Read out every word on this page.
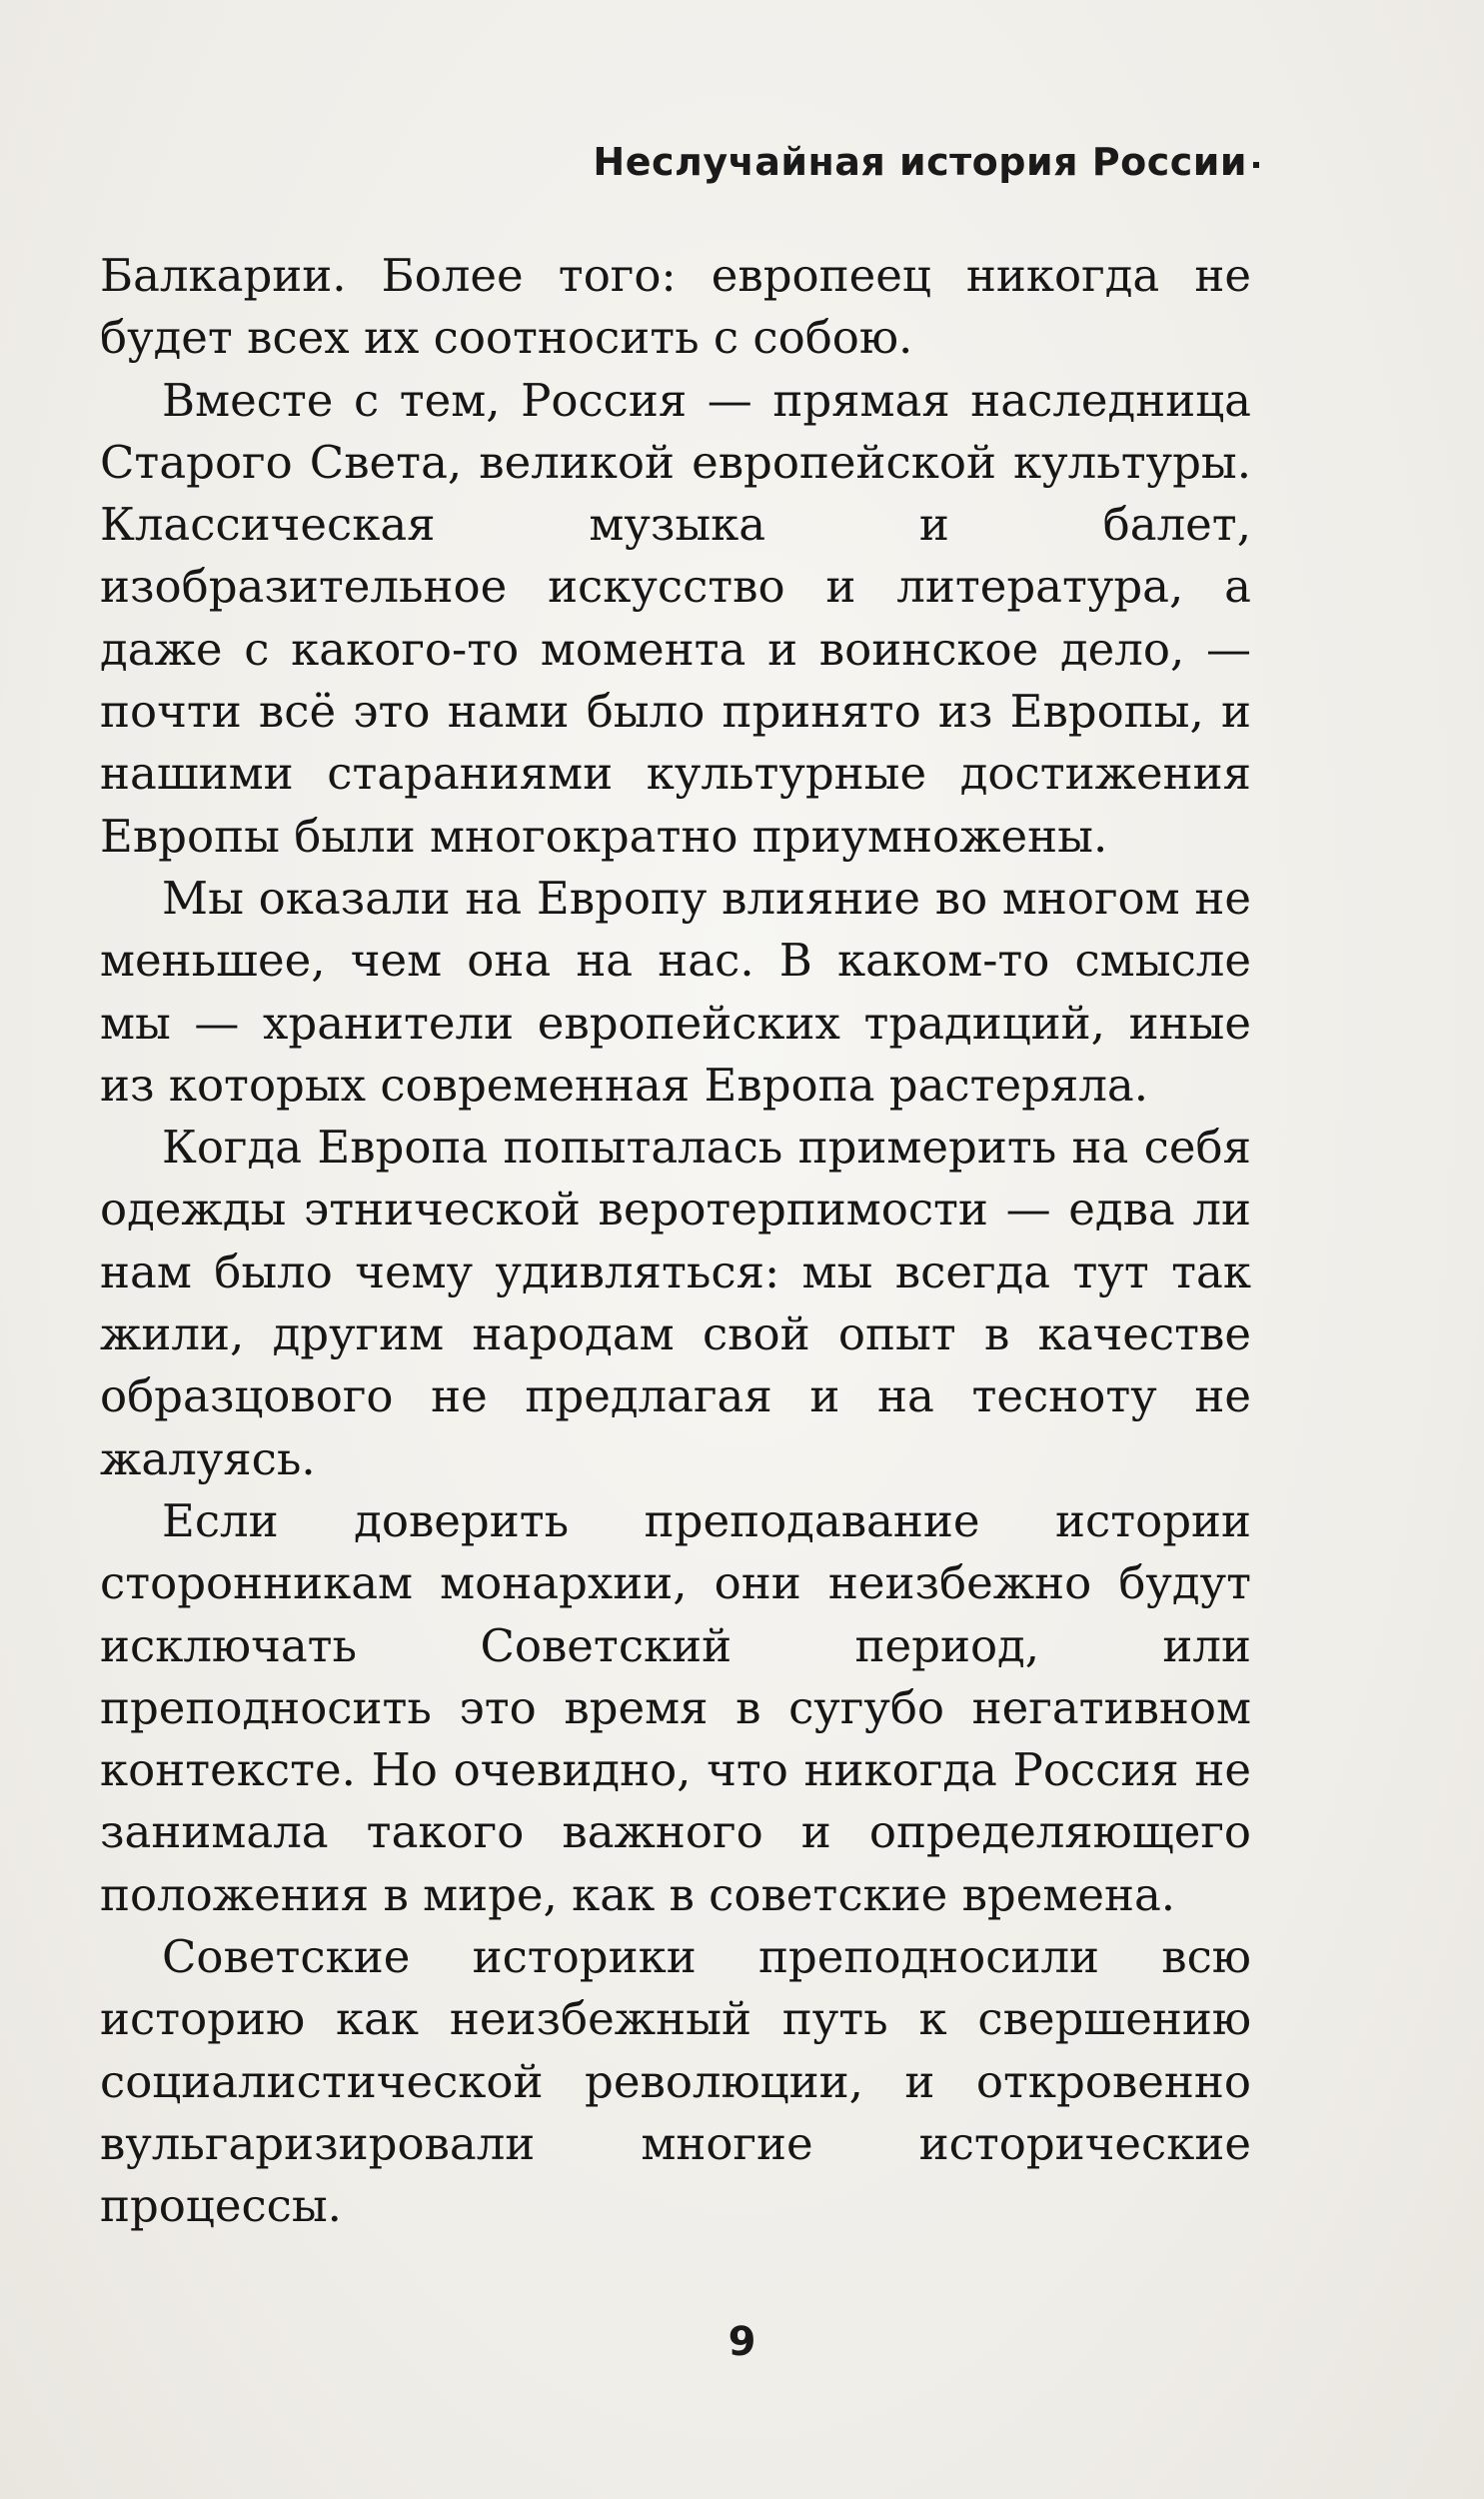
Неслучайная история России

Балкарии. Более того: европеец никогда не будет всех их соотносить с собою.

Вместе с тем, Россия — прямая наследница Старого Света, великой европейской культуры. Классическая музыка и балет, изобразительное искусство и литература, а даже с какого-то момента и воинское дело, — почти всё это нами было принято из Европы, и нашими стараниями культурные достижения Европы были многократно приумножены.

Мы оказали на Европу влияние во многом не меньшее, чем она на нас. В каком-то смысле мы — хранители европейских традиций, иные из которых современная Европа растеряла.

Когда Европа попыталась примерить на себя одежды этнической веротерпимости — едва ли нам было чему удивляться: мы всегда тут так жили, другим народам свой опыт в качестве образцового не предлагая и на тесноту не жалуясь.

Если доверить преподавание истории сторонникам монархии, они неизбежно будут исключать Советский период, или преподносить это время в сугубо негативном контексте. Но очевидно, что никогда Россия не занимала такого важного и определяющего положения в мире, как в советские времена.

Советские историки преподносили всю историю как неизбежный путь к свершению социалистической революции, и откровенно вульгаризировали многие исторические процессы.

9
